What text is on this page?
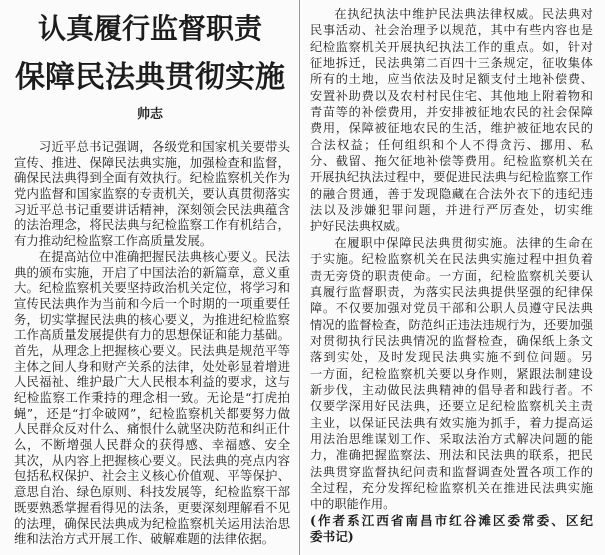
认真履行监督职责
保障民法典贯彻实施
帅志
习近平总书记强调，各级党和国家机关要带头
宣传、推进、保障民法典实施，加强检查和监督，
确保民法典得到全面有效执行。纪检监察机关作为
党内监督和国家监察的专责机关，要认真贯彻落实
习近平总书记重要讲话精神，深刻领会民法典蕴含
的法治理念，将民法典与纪检监察工作有机结合，
有力推动纪检监察工作高质量发展。
在提高站位中准确把握民法典核心要义。民法
典的颁布实施，开启了中国法治的新篇章，意义重
大。纪检监察机关要坚持政治机关定位，将学习和
宣传民法典作为当前和今后一个时期的一项重要任
务，切实掌握民法典的核心要义，为推进纪检监察
工作高质量发展提供有力的思想保证和能力基础。
首先，从理念上把握核心要义。民法典是规范平等
主体之间人身和财产关系的法律，处处彰显着增进
人民福祉、维护最广大人民根本利益的要求，这与
纪检监察工作秉持的理念相一致。无论是“打虎拍
蝇”，还是“打伞破网”，纪检监察机关都要努力做
人民群众反对什么、痛恨什么就坚决防范和纠正什
么，不断增强人民群众的获得感、幸福感、安全
其次，从内容上把握核心要义。民法典的亮点内容
包括私权保护、社会主义核心价值观、平等保护、
意思自治、绿色原则、科技发展等，纪检监察干部
既要熟悉掌握看得见的法条，更要深刻理解看不见
的法理，确保民法典成为纪检监察机关运用法治思
维和法治方式开展工作、破解难题的法律依据。
在执纪执法中维护民法典法律权威。民法典对
民事活动、社会治理予以规范，其中有些内容也是
纪检监察机关开展执纪执法工作的重点。如，针对
征地拆迁，民法典第二百四十三条规定，征收集体
所有的土地，应当依法及时足额支付土地补偿费、
安置补助费以及农村村民住宅、其他地上附着物和
青苗等的补偿费用，并安排被征地农民的社会保障
费用，保障被征地农民的生活，维护被征地农民的
合法权益；任何组织和个人不得贪污、挪用、私
分、截留、拖欠征地补偿等费用。纪检监察机关在
开展执纪执法过程中，要促进民法典与纪检监察工作
的融合贯通，善于发现隐藏在合法外衣下的违纪违
法以及涉嫌犯罪问题，并进行严厉查处，切实维
护好民法典权威。
在履职中保障民法典贯彻实施。法律的生命在
于实施。纪检监察机关在民法典实施过程中担负着
责无旁贷的职责使命。一方面，纪检监察机关要认
真履行监督职责，为落实民法典提供坚强的纪律保
障。不仅要加强对党员干部和公职人员遵守民法典
情况的监督检查，防范纠正违法违规行为，还要加强
对贯彻执行民法典情况的监督检查，确保纸上条文
落到实处，及时发现民法典实施不到位问题。另
一方面，纪检监察机关要以身作则，紧跟法制建设
新步伐，主动做民法典精神的倡导者和践行者。不
仅要学深用好民法典，还要立足纪检监察机关主责
主业，以保证民法典有效实施为抓手，着力提高运
用法治思维谋划工作、采取法治方式解决问题的能
力，准确把握监察法、刑法和民法典的联系，把民
法典贯穿监督执纪问责和监督调查处置各项工作的
全过程，充分发挥纪检监察机关在推进民法典实施
中的职能作用。
(作者系江西省南昌市红谷滩区委常委、区纪
委书记)
